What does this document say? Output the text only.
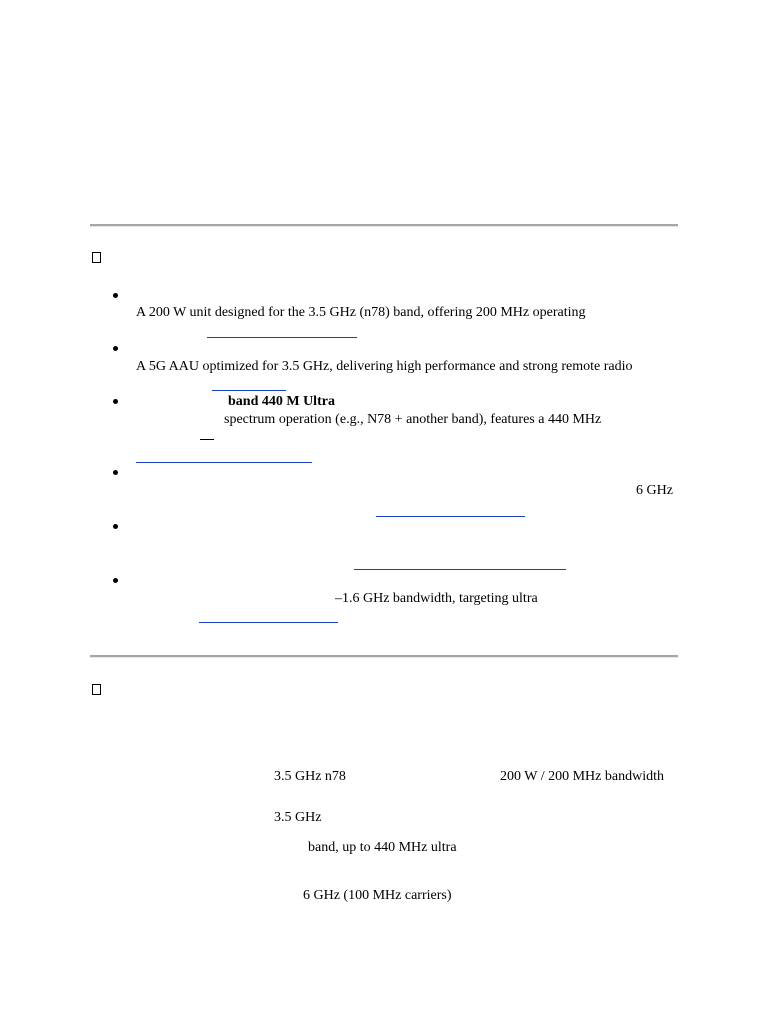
A 200 W unit designed for the 3.5 GHz (n78) band, offering 200 MHz operating
A 5G AAU optimized for 3.5 GHz, delivering high performance and strong remote radio
band 440 M Ultra
spectrum operation (e.g., N78 + another band), features a 440 MHz
6 GHz
–1.6 GHz bandwidth, targeting ultra
3.5 GHz n78	200 W / 200 MHz bandwidth
3.5 GHz
band, up to 440 MHz ultra
6 GHz (100 MHz carriers)
